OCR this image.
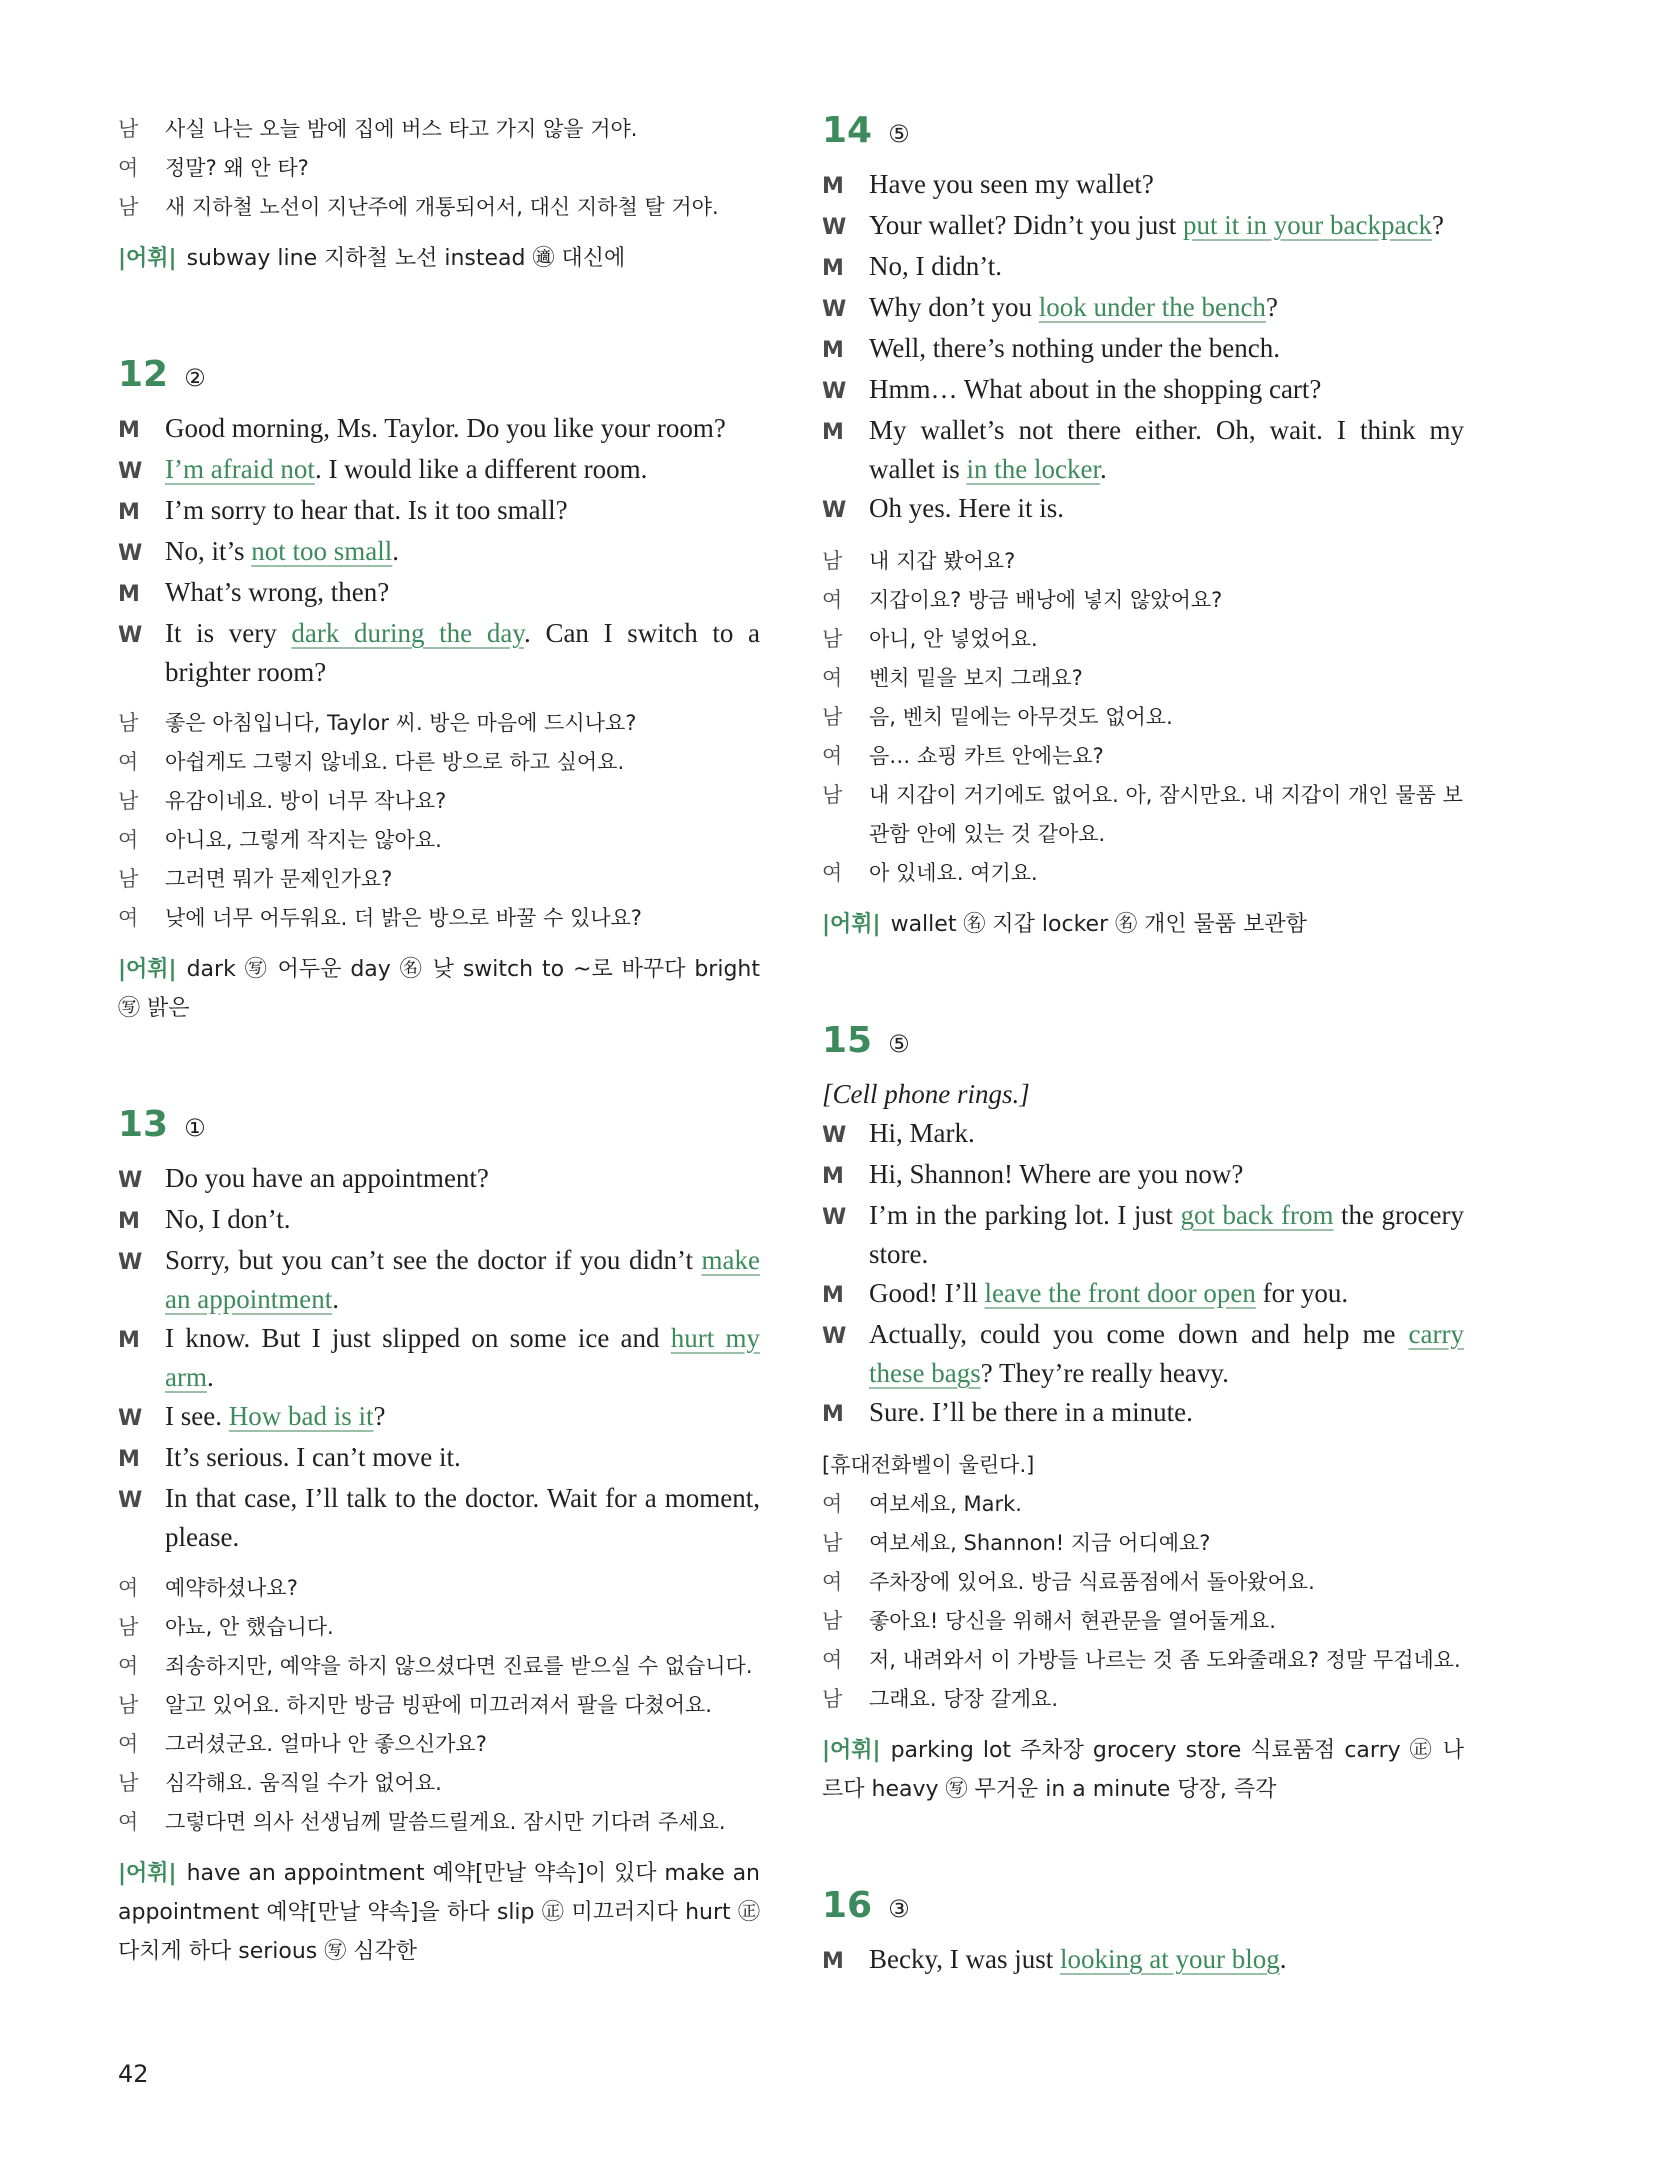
남	사실 나는 오늘 밤에 집에 버스 타고 가지 않을 거야.
여	정말? 왜 안 타?
남	새 지하철 노선이 지난주에 개통되어서, 대신 지하철 탈 거야.
|어휘| subway line 지하철 노선 instead ㊜ 대신에
12 ②
M Good morning, Ms. Taylor. Do you like your room?
W I’m afraid not. I would like a different room.
M I’m sorry to hear that. Is it too small?
W No, it’s not too small.
M What’s wrong, then?
W It is very dark during the day. Can I switch to a brighter room?
남	좋은 아침입니다, Taylor 씨. 방은 마음에 드시나요?
여	아쉽게도 그렇지 않네요. 다른 방으로 하고 싶어요.
남	유감이네요. 방이 너무 작나요?
여	아니요, 그렇게 작지는 않아요.
남	그러면 뭐가 문제인가요?
여	낮에 너무 어두워요. 더 밝은 방으로 바꿀 수 있나요?
|어휘| dark ㊢ 어두운 day ㊔ 낮 switch to ~로 바꾸다 bright ㊢ 밝은
13 ①
W Do you have an appointment?
M No, I don’t.
W Sorry, but you can’t see the doctor if you didn’t make an appointment.
M I know. But I just slipped on some ice and hurt my arm.
W I see. How bad is it?
M It’s serious. I can’t move it.
W In that case, I’ll talk to the doctor. Wait for a moment, please.
여	예약하셨나요?
남	아뇨, 안 했습니다.
여	죄송하지만, 예약을 하지 않으셨다면 진료를 받으실 수 없습니다.
남	알고 있어요. 하지만 방금 빙판에 미끄러져서 팔을 다쳤어요.
여	그러셨군요. 얼마나 안 좋으신가요?
남	심각해요. 움직일 수가 없어요.
여	그렇다면 의사 선생님께 말씀드릴게요. 잠시만 기다려 주세요.
|어휘| have an appointment 예약[만날 약속]이 있다 make an appointment 예약[만날 약속]을 하다 slip ㊣ 미끄러지다 hurt ㊣ 다치게 하다 serious ㊢ 심각한
14 ⑤
M Have you seen my wallet?
W Your wallet? Didn’t you just put it in your backpack?
M No, I didn’t.
W Why don’t you look under the bench?
M Well, there’s nothing under the bench.
W Hmm… What about in the shopping cart?
M My wallet’s not there either. Oh, wait. I think my wallet is in the locker.
W Oh yes. Here it is.
남	내 지갑 봤어요?
여	지갑이요? 방금 배낭에 넣지 않았어요?
남	아니, 안 넣었어요.
여	벤치 밑을 보지 그래요?
남	음, 벤치 밑에는 아무것도 없어요.
여	음… 쇼핑 카트 안에는요?
남	내 지갑이 거기에도 없어요. 아, 잠시만요. 내 지갑이 개인 물품 보관함 안에 있는 것 같아요.
여	아 있네요. 여기요.
|어휘| wallet ㊔ 지갑 locker ㊔ 개인 물품 보관함
15 ⑤
[Cell phone rings.]
W Hi, Mark.
M Hi, Shannon! Where are you now?
W I’m in the parking lot. I just got back from the grocery store.
M Good! I’ll leave the front door open for you.
W Actually, could you come down and help me carry these bags? They’re really heavy.
M Sure. I’ll be there in a minute.
[휴대전화벨이 울린다.]
여	여보세요, Mark.
남	여보세요, Shannon! 지금 어디예요?
여	주차장에 있어요. 방금 식료품점에서 돌아왔어요.
남	좋아요! 당신을 위해서 현관문을 열어둘게요.
여	저, 내려와서 이 가방들 나르는 것 좀 도와줄래요? 정말 무겁네요.
남	그래요. 당장 갈게요.
|어휘| parking lot 주차장 grocery store 식료품점 carry ㊣ 나르다 heavy ㊢ 무거운 in a minute 당장, 즉각
16 ③
M Becky, I was just looking at your blog.
42
